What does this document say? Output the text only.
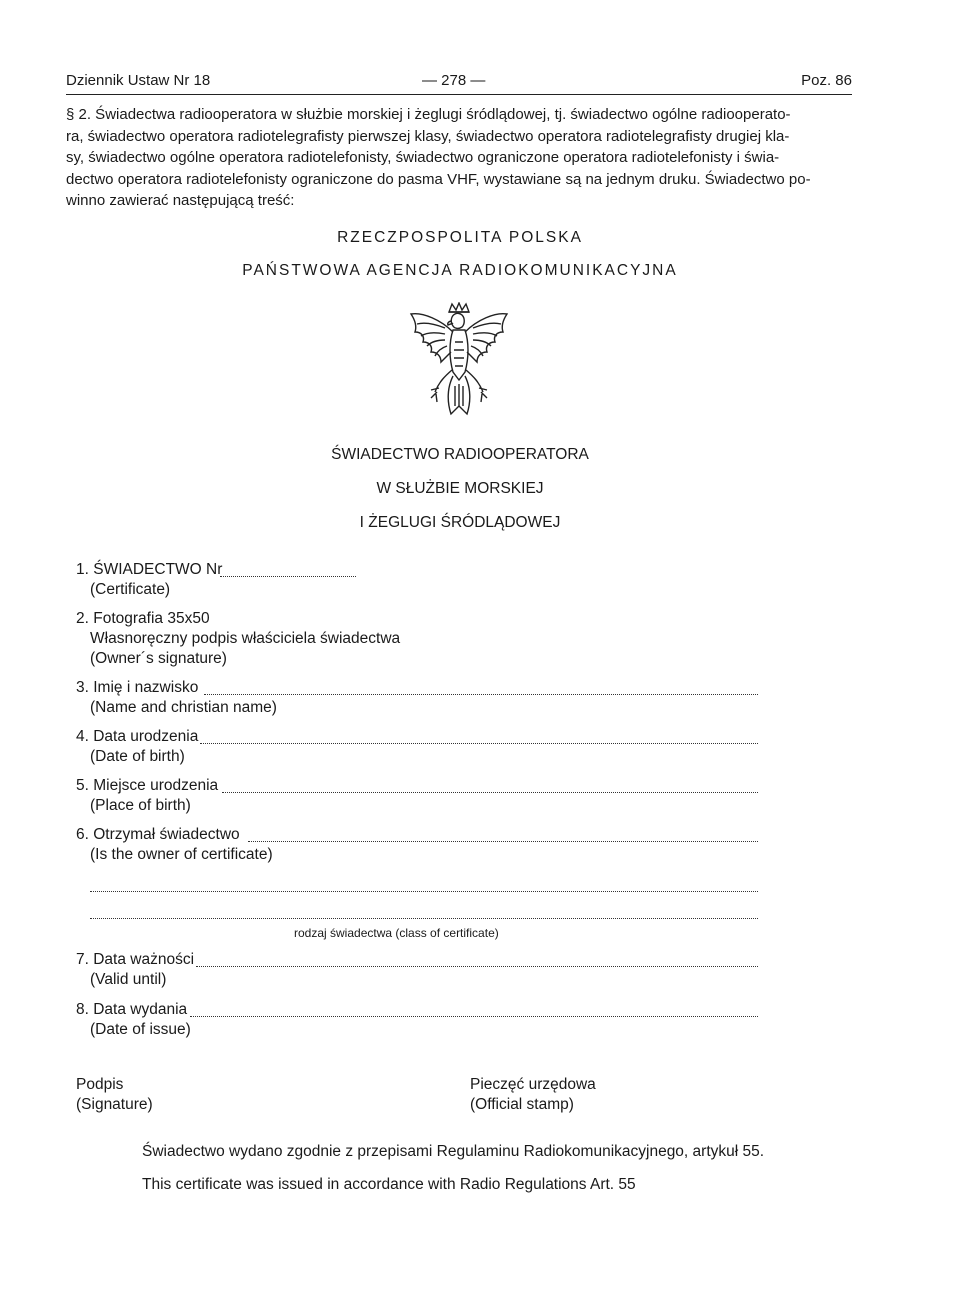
Dziennik Ustaw Nr 18	— 278 —	Poz. 86
§ 2. Świadectwa radiooperatora w służbie morskiej i żeglugi śródlądowej, tj. świadectwo ogólne radiooperato-
ra, świadectwo operatora radiotelegrafisty pierwszej klasy, świadectwo operatora radiotelegrafisty drugiej kla-
sy, świadectwo ogólne operatora radiotelefonisty, świadectwo ograniczone operatora radiotelefonisty i świa-
dectwo operatora radiotelefonisty ograniczone do pasma VHF, wystawiane są na jednym druku. Świadectwo po-
winno zawierać następującą treść:
RZECZPOSPOLITA POLSKA
PAŃSTWOWA AGENCJA RADIOKOMUNIKACYJNA
ŚWIADECTWO RADIOOPERATORA
W SŁUŻBIE MORSKIEJ
I ŻEGLUGI ŚRÓDLĄDOWEJ
1. ŚWIADECTWO Nr
(Certificate)
2. Fotografia 35x50
Własnoręczny podpis właściciela świadectwa
(Owner´s signature)
3. Imię i nazwisko
(Name and christian name)
4. Data urodzenia
(Date of birth)
5. Miejsce urodzenia
(Place of birth)
6. Otrzymał świadectwo
(Is the owner of certificate)
rodzaj świadectwa (class of certificate)
7. Data ważności
(Valid until)
8. Data wydania
(Date of issue)
Podpis
(Signature)
Pieczęć urzędowa
(Official stamp)
Świadectwo wydano zgodnie z przepisami Regulaminu Radiokomunikacyjnego, artykuł 55.
This certificate was issued in accordance with Radio Regulations Art. 55
